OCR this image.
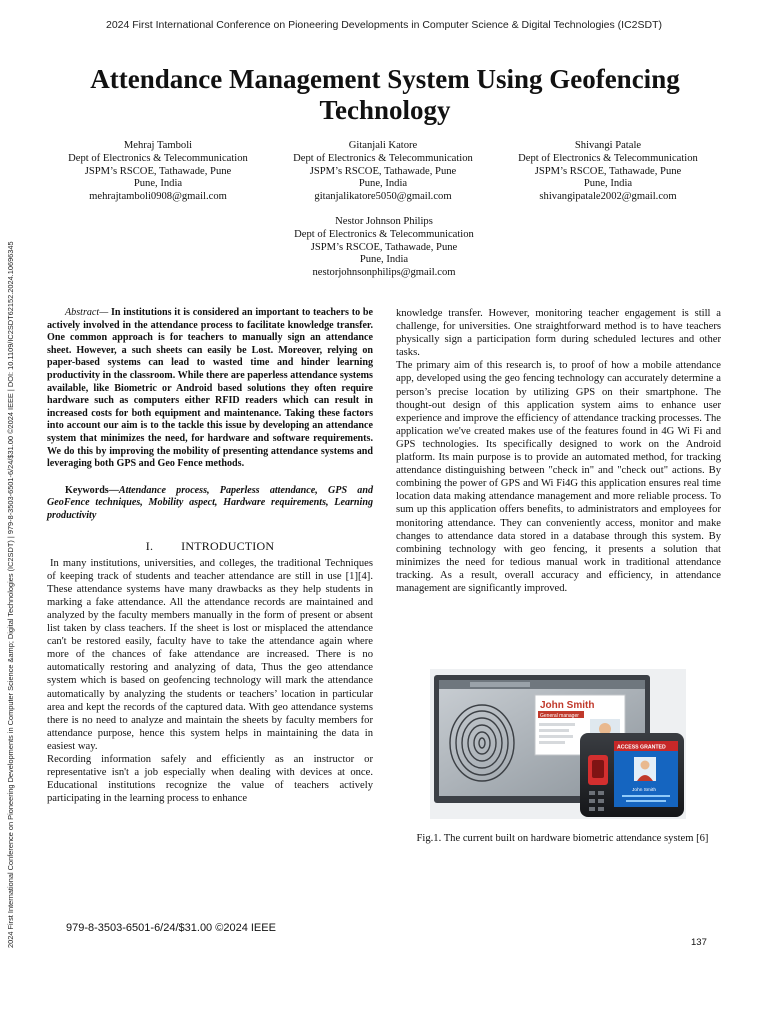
2024 First International Conference on Pioneering Developments in Computer Science & Digital Technologies (IC2SDT)
2024 First International Conference on Pioneering Developments in Computer Science &amp; Digital Technologies (IC2SDT) | 979-8-3503-6501-6/24/$31.00 ©2024 IEEE | DOI: 10.1109/IC2SDT62152.2024.10696345
Attendance Management System Using Geofencing Technology
Mehraj Tamboli
Dept of Electronics & Telecommunication
JSPM’s RSCOE, Tathawade, Pune
Pune, India
mehrajtamboli0908@gmail.com
Gitanjali Katore
Dept of Electronics & Telecommunication
JSPM’s RSCOE, Tathawade, Pune
Pune, India
gitanjalikatore5050@gmail.com
Shivangi Patale
Dept of Electronics & Telecommunication
JSPM’s RSCOE, Tathawade, Pune
Pune, India
shivangipatale2002@gmail.com
Nestor Johnson Philips
Dept of Electronics & Telecommunication
JSPM’s RSCOE, Tathawade, Pune
Pune, India
nestorjohnsonphilips@gmail.com

Abstract— In institutions it is considered an important to teachers to be actively involved in the attendance process to facilitate knowledge transfer. One common approach is for teachers to manually sign an attendance sheet. However, a such sheets can easily be Lost. Moreover, relying on paper-based systems can lead to wasted time and hinder learning productivity in the classroom. While there are paperless attendance systems available, like Biometric or Android based solutions they often require hardware such as computers either RFID readers which can result in increased costs for both equipment and maintenance. Taking these factors into account our aim is to the tackle this issue by developing an attendance system that minimizes the need, for hardware and software requirements. We do this by improving the mobility of presenting attendance systems and leveraging both GPS and Geo Fence methods.

Keywords—Attendance process, Paperless attendance, GPS and GeoFence techniques, Mobility aspect, Hardware requirements, Learning productivity

I. INTRODUCTION

In many institutions, universities, and colleges, the traditional Techniques of keeping track of students and teacher attendance are still in use [1][4]. These attendance systems have many drawbacks as they help students in marking a fake attendance. All the attendance records are maintained and analyzed by the faculty members manually in the form of present or absent list taken by class teachers. If the sheet is lost or misplaced the attendance can't be restored easily, faculty have to take the attendance again where more of the chances of fake attendance are increased. There is no automatically restoring and analyzing of data, Thus the geo attendance system which is based on geofencing technology will mark the attendance automatically by analyzing the students or teachers’ location in particular area and kept the records of the captured data. With geo attendance systems there is no need to analyze and maintain the sheets by faculty members for attendance purpose, hence this system helps in maintaining the data in easiest way.

Recording information safely and efficiently as an instructor or representative isn't a job especially when dealing with devices at once. Educational institutions recognize the value of teachers actively participating in the learning process to enhance

knowledge transfer. However, monitoring teacher engagement is still a challenge, for universities. One straightforward method is to have teachers physically sign a participation form during scheduled lectures and other tasks.

The primary aim of this research is, to proof of how a mobile attendance app, developed using the geo fencing technology can accurately determine a person’s precise location by utilizing GPS on their smartphone. The thought-out design of this application system aims to enhance user experience and improve the efficiency of attendance tracking processes. The application we've created makes use of the features found in 4G Wi Fi and GPS technologies. Its specifically designed to work on the Android platform. Its main purpose is to provide an automated method, for tracking attendance distinguishing between "check in" and "check out" actions. By combining the power of GPS and Wi Fi4G this application ensures real time location data making attendance management and more reliable process. To sum up this application offers benefits, to administrators and employees for monitoring attendance. They can conveniently access, monitor and make changes to attendance data stored in a database through this system. By combining technology with geo fencing, it presents a solution that minimizes the need for tedious manual work in traditional attendance tracking. As a result, overall accuracy and efficiency, in attendance management are significantly improved.

John Smith
General manager
ACCESS GRANTED
John Smith
Fig.1. The current built on hardware biometric attendance system [6]
979-8-3503-6501-6/24/$31.00 ©2024 IEEE
137
